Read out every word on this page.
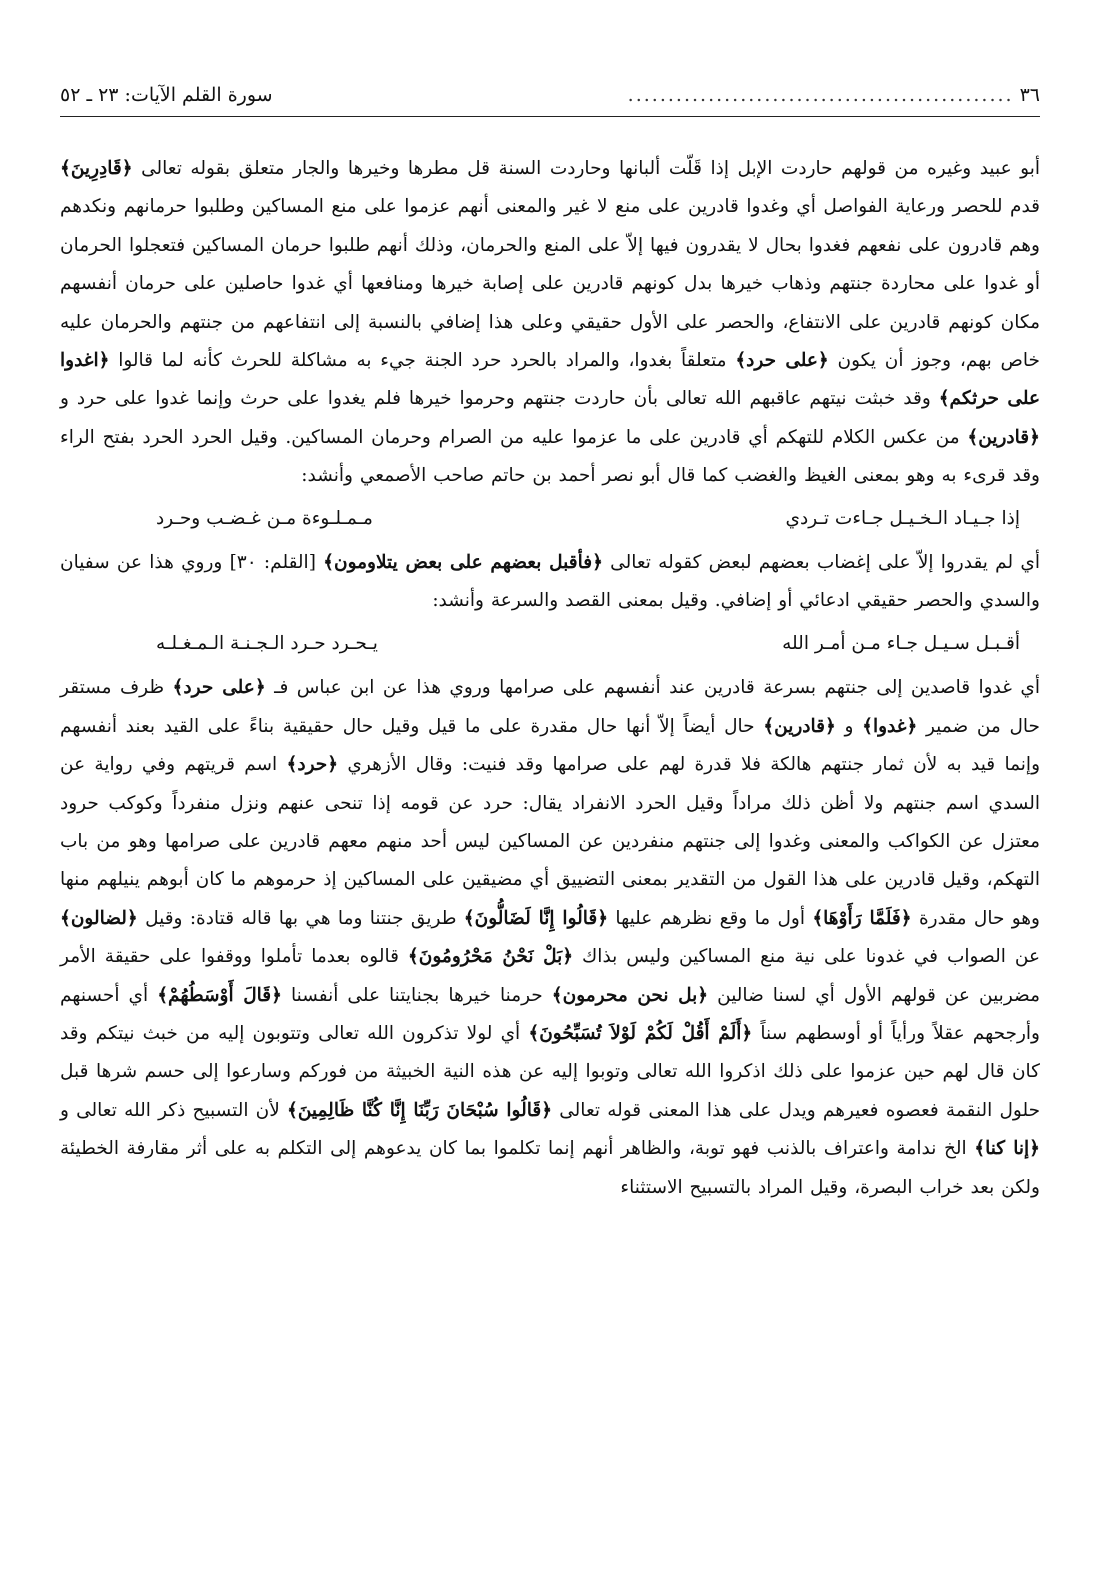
٣٦
................................................
سورة القلم الآيات: ٢٣ ـ ٥٢

أبو عبيد وغيره من قولهم حاردت الإبل إذا قَلّت ألبانها وحاردت السنة قل مطرها وخيرها والجار متعلق بقوله تعالى ﴿قَادِرِينَ﴾ قدم للحصر ورعاية الفواصل أي وغدوا قادرين على منع لا غير والمعنى أنهم عزموا على منع المساكين وطلبوا حرمانهم ونكدهم وهم قادرون على نفعهم فغدوا بحال لا يقدرون فيها إلاّ على المنع والحرمان، وذلك أنهم طلبوا حرمان المساكين فتعجلوا الحرمان أو غدوا على محاردة جنتهم وذهاب خيرها بدل كونهم قادرين على إصابة خيرها ومنافعها أي غدوا حاصلين على حرمان أنفسهم مكان كونهم قادرين على الانتفاع، والحصر على الأول حقيقي وعلى هذا إضافي بالنسبة إلى انتفاعهم من جنتهم والحرمان عليه خاص بهم، وجوز أن يكون ﴿على حرد﴾ متعلقاً بغدوا، والمراد بالحرد حرد الجنة جيء به مشاكلة للحرث كأنه لما قالوا ﴿اغدوا على حرثكم﴾ وقد خبثت نيتهم عاقبهم الله تعالى بأن حاردت جنتهم وحرموا خيرها فلم يغدوا على حرث وإنما غدوا على حرد و ﴿قادرين﴾ من عكس الكلام للتهكم أي قادرين على ما عزموا عليه من الصرام وحرمان المساكين. وقيل الحرد الحرد بفتح الراء وقد قرىء به وهو بمعنى الغيظ والغضب كما قال أبو نصر أحمد بن حاتم صاحب الأصمعي وأنشد:

إذا جـيـاد الـخـيـل جـاءت تـردي
مـمـلـوءة مـن غـضـب وحـرد

أي لم يقدروا إلاّ على إغضاب بعضهم لبعض كقوله تعالى ﴿فأقبل بعضهم على بعض يتلاومون﴾ [القلم: ٣٠] وروي هذا عن سفيان والسدي والحصر حقيقي ادعائي أو إضافي. وقيل بمعنى القصد والسرعة وأنشد:

أقـبـل سـيـل جـاء مـن أمـر الله
يـحـرد حـرد الـجـنـة الـمـغـلـه

أي غدوا قاصدين إلى جنتهم بسرعة قادرين عند أنفسهم على صرامها وروي هذا عن ابن عباس فـ ﴿على حرد﴾ ظرف مستقر حال من ضمير ﴿غدوا﴾ و ﴿قادرين﴾ حال أيضاً إلاّ أنها حال مقدرة على ما قيل وقيل حال حقيقية بناءً على القيد بعند أنفسهم وإنما قيد به لأن ثمار جنتهم هالكة فلا قدرة لهم على صرامها وقد فنيت: وقال الأزهري ﴿حرد﴾ اسم قريتهم وفي رواية عن السدي اسم جنتهم ولا أظن ذلك مراداً وقيل الحرد الانفراد يقال: حرد عن قومه إذا تنحى عنهم ونزل منفرداً وكوكب حرود معتزل عن الكواكب والمعنى وغدوا إلى جنتهم منفردين عن المساكين ليس أحد منهم معهم قادرين على صرامها وهو من باب التهكم، وقيل قادرين على هذا القول من التقدير بمعنى التضييق أي مضيقين على المساكين إذ حرموهم ما كان أبوهم ينيلهم منها وهو حال مقدرة ﴿فَلَمَّا رَأَوْهَا﴾ أول ما وقع نظرهم عليها ﴿قَالُوا إِنَّا لَضَالُّونَ﴾ طريق جنتنا وما هي بها قاله قتادة: وقيل ﴿لضالون﴾ عن الصواب في غدونا على نية منع المساكين وليس بذاك ﴿بَلْ نَحْنُ مَحْرُومُونَ﴾ قالوه بعدما تأملوا ووقفوا على حقيقة الأمر مضربين عن قولهم الأول أي لسنا ضالين ﴿بل نحن محرمون﴾ حرمنا خيرها بجنايتنا على أنفسنا ﴿قَالَ أَوْسَطُهُمْ﴾ أي أحسنهم وأرجحهم عقلاً ورأياً أو أوسطهم سناً ﴿أَلَمْ أَقُلْ لَكُمْ لَوْلاَ تُسَبِّحُونَ﴾ أي لولا تذكرون الله تعالى وتتوبون إليه من خبث نيتكم وقد كان قال لهم حين عزموا على ذلك اذكروا الله تعالى وتوبوا إليه عن هذه النية الخبيثة من فوركم وسارعوا إلى حسم شرها قبل حلول النقمة فعصوه فعيرهم ويدل على هذا المعنى قوله تعالى ﴿قَالُوا سُبْحَانَ رَبِّنَا إِنَّا كُنَّا ظَالِمِينَ﴾ لأن التسبيح ذكر الله تعالى و ﴿إنا كنا﴾ الخ ندامة واعتراف بالذنب فهو توبة، والظاهر أنهم إنما تكلموا بما كان يدعوهم إلى التكلم به على أثر مقارفة الخطيئة ولكن بعد خراب البصرة، وقيل المراد بالتسبيح الاستثناء
